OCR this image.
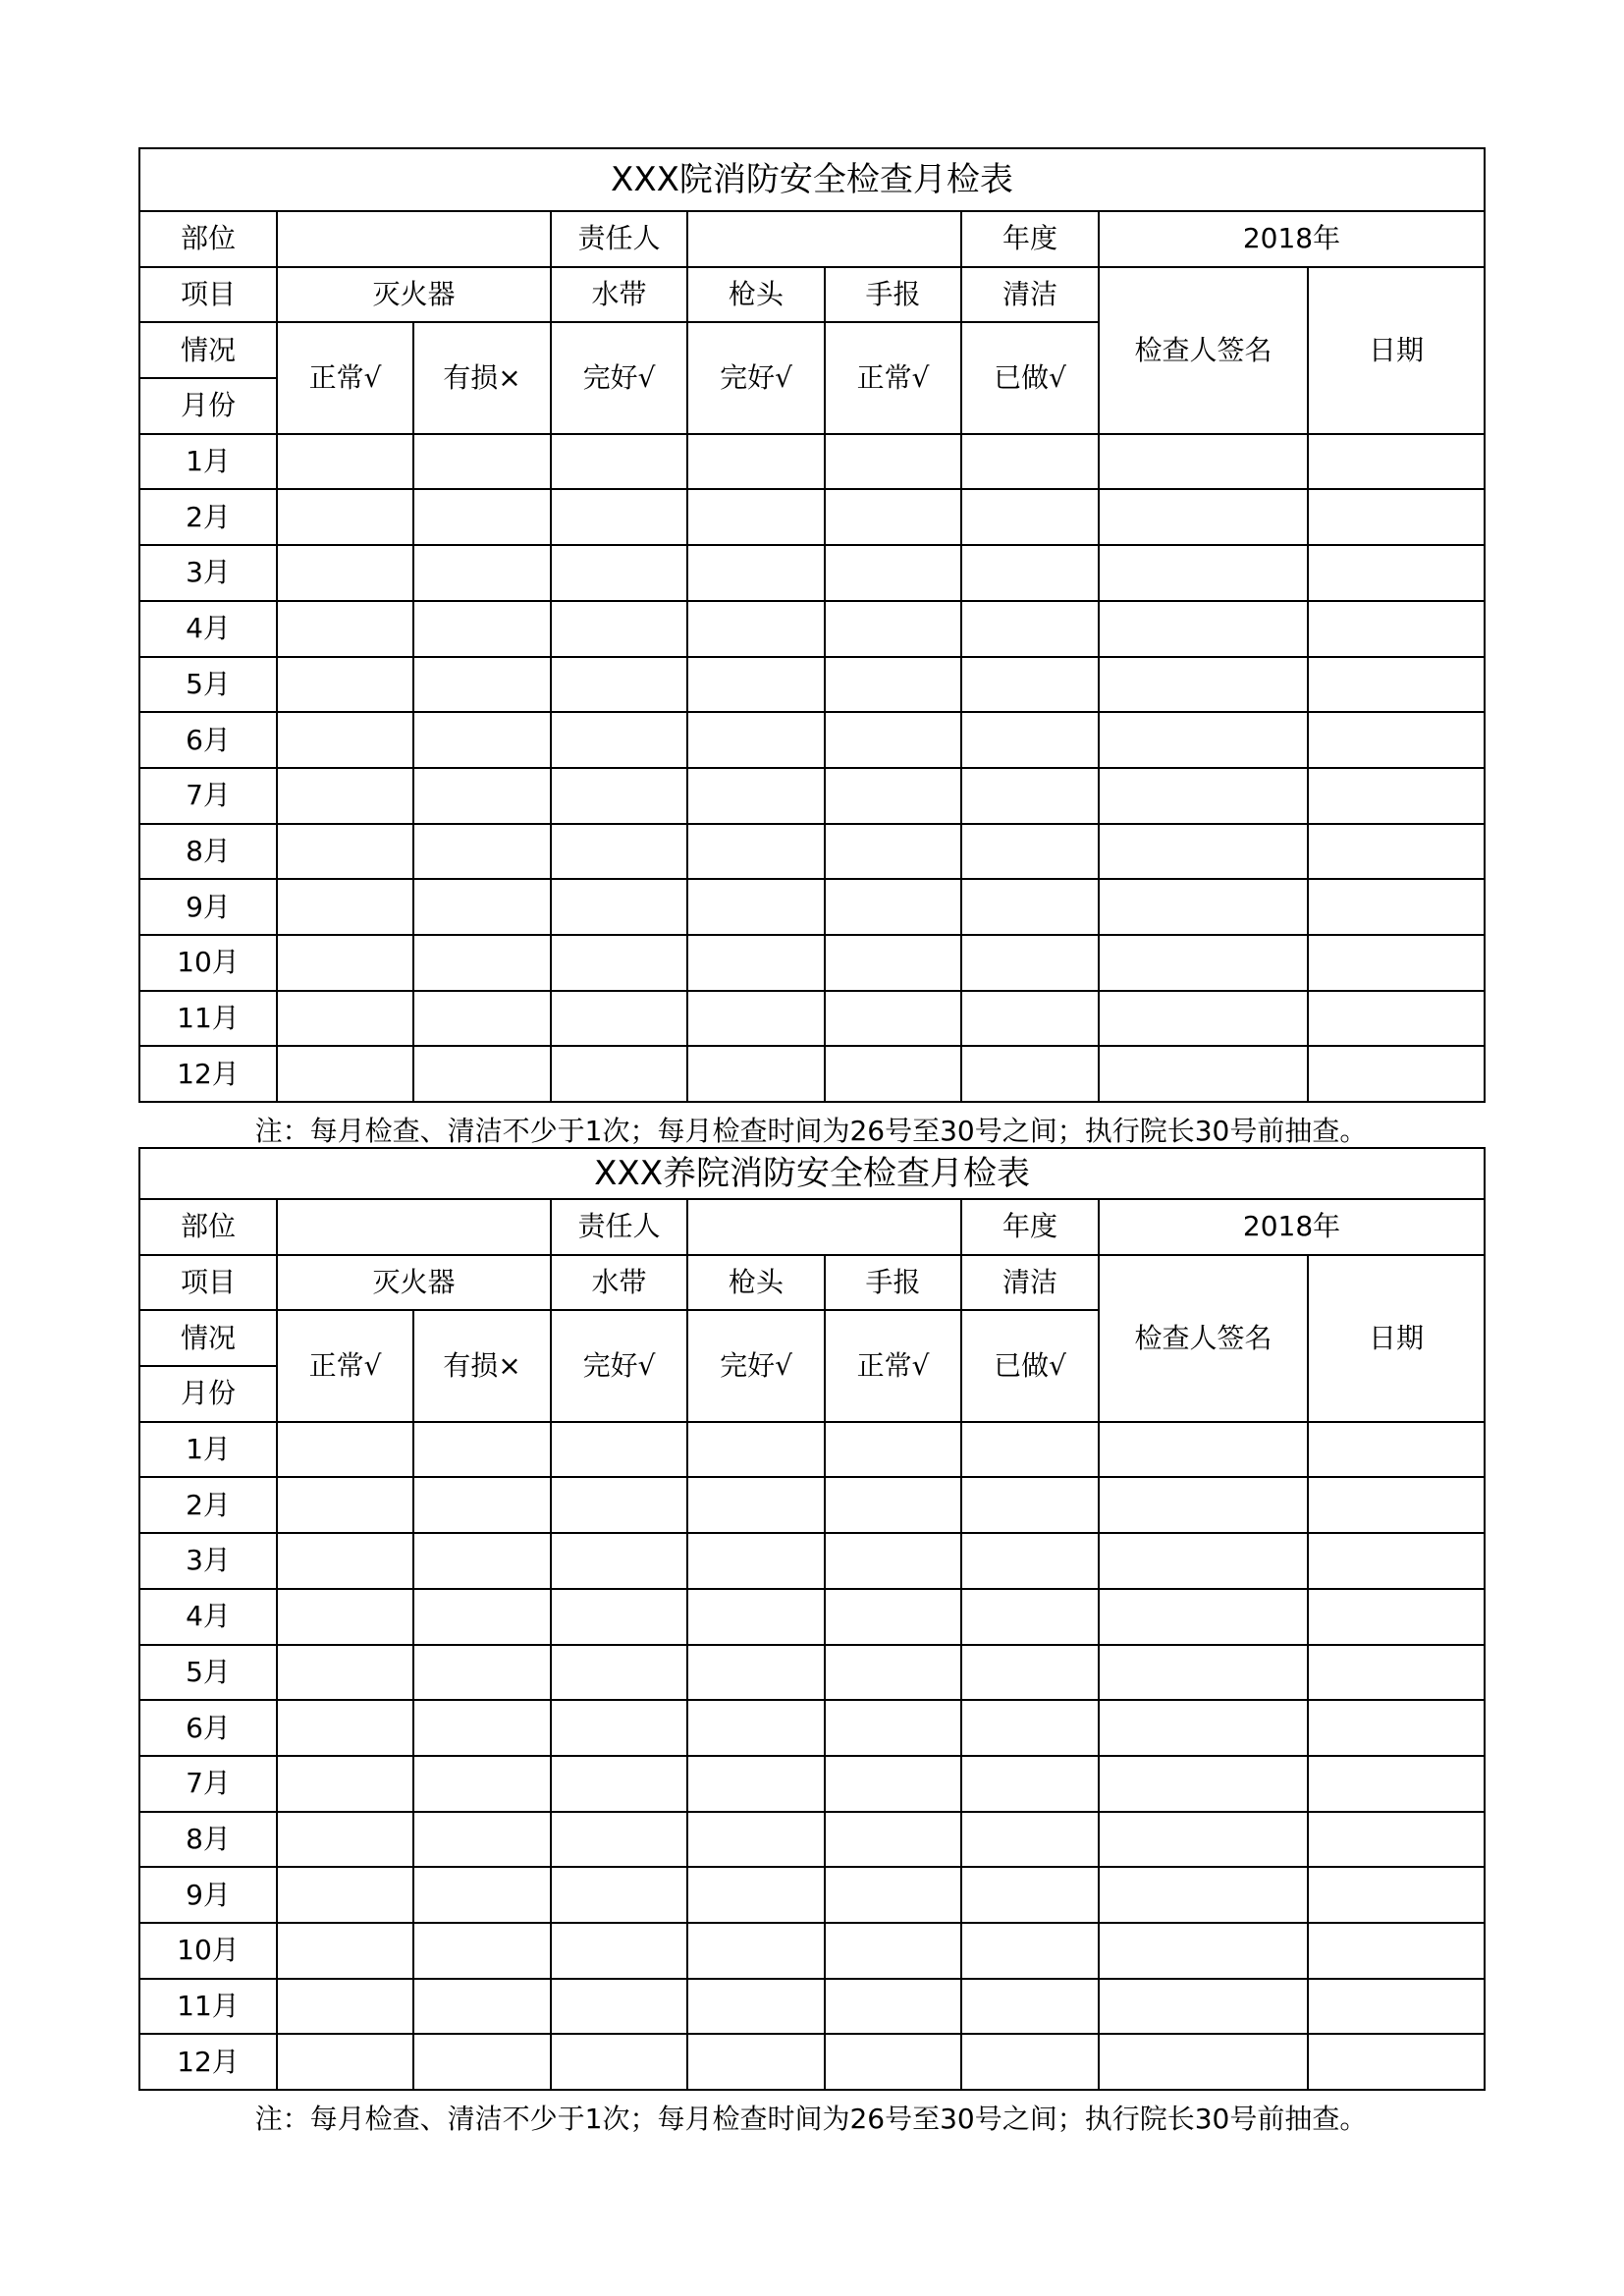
XXX院消防安全检查月检表								
部位			责任人			年度	2018年	
项目	灭火器		水带	枪头	手报	清洁	检查人签名	日期
情况	正常√	有损×	完好√	完好√	正常√	已做√		
月份								
1月								
2月								
3月								
4月								
5月								
6月								
7月								
8月								
9月								
10月								
11月								
12月								
注：每月检查、清洁不少于1次；每月检查时间为26号至30号之间；执行院长30号前抽查。
XXX养院消防安全检查月检表								
部位			责任人			年度	2018年	
项目	灭火器		水带	枪头	手报	清洁	检查人签名	日期
情况	正常√	有损×	完好√	完好√	正常√	已做√		
月份								
1月								
2月								
3月								
4月								
5月								
6月								
7月								
8月								
9月								
10月								
11月								
12月								
注：每月检查、清洁不少于1次；每月检查时间为26号至30号之间；执行院长30号前抽查。
